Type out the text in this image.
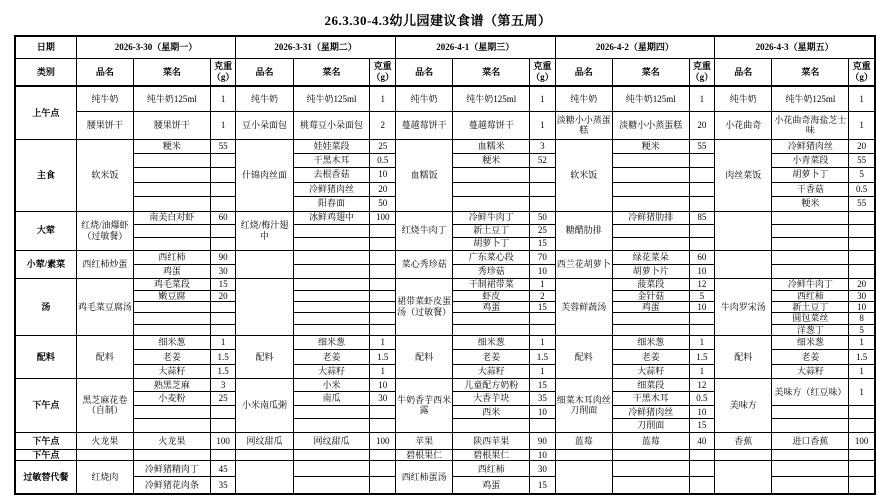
26.3.30-4.3幼儿园建议食谱（第五周）
日期	2026-3-30（星期一）			2026-3-31（星期二）			2026-4-1（星期三）			2026-4-2（星期四）			2026-4-3（星期五）		
类别	品名	菜名	克重（g）	品名	菜名	克重（g）	品名	菜名	克重（g）	品名	菜名	克重（g）	品名	菜名	克重（g）
上午点	纯牛奶	纯牛奶125ml	1	纯牛奶	纯牛奶125ml	1	纯牛奶	纯牛奶125ml	1	纯牛奶	纯牛奶125ml	1	纯牛奶	纯牛奶125ml	1
	腰果饼干	腰果饼干	1	豆小朵面包	桃莓豆小朵面包	2	蔓越莓饼干	蔓越莓饼干	1	淡糖小小蒸蛋糕	淡糖小小蒸蛋糕	20	小花曲奇	小花曲奇海盐芝士味	1
主食	软米饭	粳米	55	什锦肉丝面	娃娃菜段	25	血糯饭	血糯米	3	软米饭	粳米	55	肉丝菜饭	冷鲜猪肉丝	20
					干黑木耳	0.5		粳米	52					小青菜段	55
					去根香菇	10								胡萝卜丁	5
					冷鲜猪肉丝	20								干香菇	0.5
					阳春面	50								粳米	55
大荤	红烧/油爆虾（过敏餐）	南美白对虾	60	红烧/梅汁翅中	冰鲜鸡翅中	100	红烧牛肉丁	冷鲜牛肉丁	50	糖醋肋排	冷鲜猪肋排	85			
								新土豆丁	25						
								胡萝卜丁	15						
小荤/素菜	西红柿炒蛋	西红柿	90				菜心秀珍菇	广东菜心段	70	西兰花胡萝卜	绿花菜朵	60			
		鸡蛋	30					秀珍菇	10		胡萝卜片	10			
汤	鸡毛菜豆腐汤	鸡毛菜段	15				裙带菜虾皮蛋汤（过敏餐）	干制裙带菜	1	芙蓉鲜蔬汤	菠菜段	12	牛肉罗宋汤	冷鲜牛肉丁	20
		嫩豆腐	20					虾皮	2		金针菇	5		西红柿	30
								鸡蛋	15		鸡蛋	10		新土豆丁	10
														圆包菜丝	8
														洋葱丁	5
配料	配料	细米葱	1	配料	细米葱	1	配料	细米葱	1	配料	细米葱	1	配料	细米葱	1
		老姜	1.5		老姜	1.5		老姜	1.5		老姜	1.5		老姜	1.5
		大蒜籽	1.5		大蒜籽	1		大蒜籽	1		大蒜籽	1		大蒜籽	1
下午点	黑芝麻花卷（自制）	熟黑芝麻	3	小米南瓜粥	小米	10	牛奶香芋西米露	儿童配方奶粉	15	细菜木耳肉丝刀削面	细菜段	12	美味方	美味方（红豆味）	1
		小麦粉	25		南瓜	30		大香芋块	35		干黑木耳	0.5			
								西米	10		冷鲜猪肉丝	10			
											刀削面	15			
下午点	火龙果	火龙果	100	网纹甜瓜	网纹甜瓜	100	苹果	陕西苹果	90	蓝莓	蓝莓	40	香蕉	进口香蕉	100
下午点							碧根果仁	碧根果仁	10						
过敏替代餐	红烧肉	冷鲜猪精肉丁	45				西红柿蛋汤	西红柿	30						
		冷鲜猪花肉条	35					鸡蛋	15						
